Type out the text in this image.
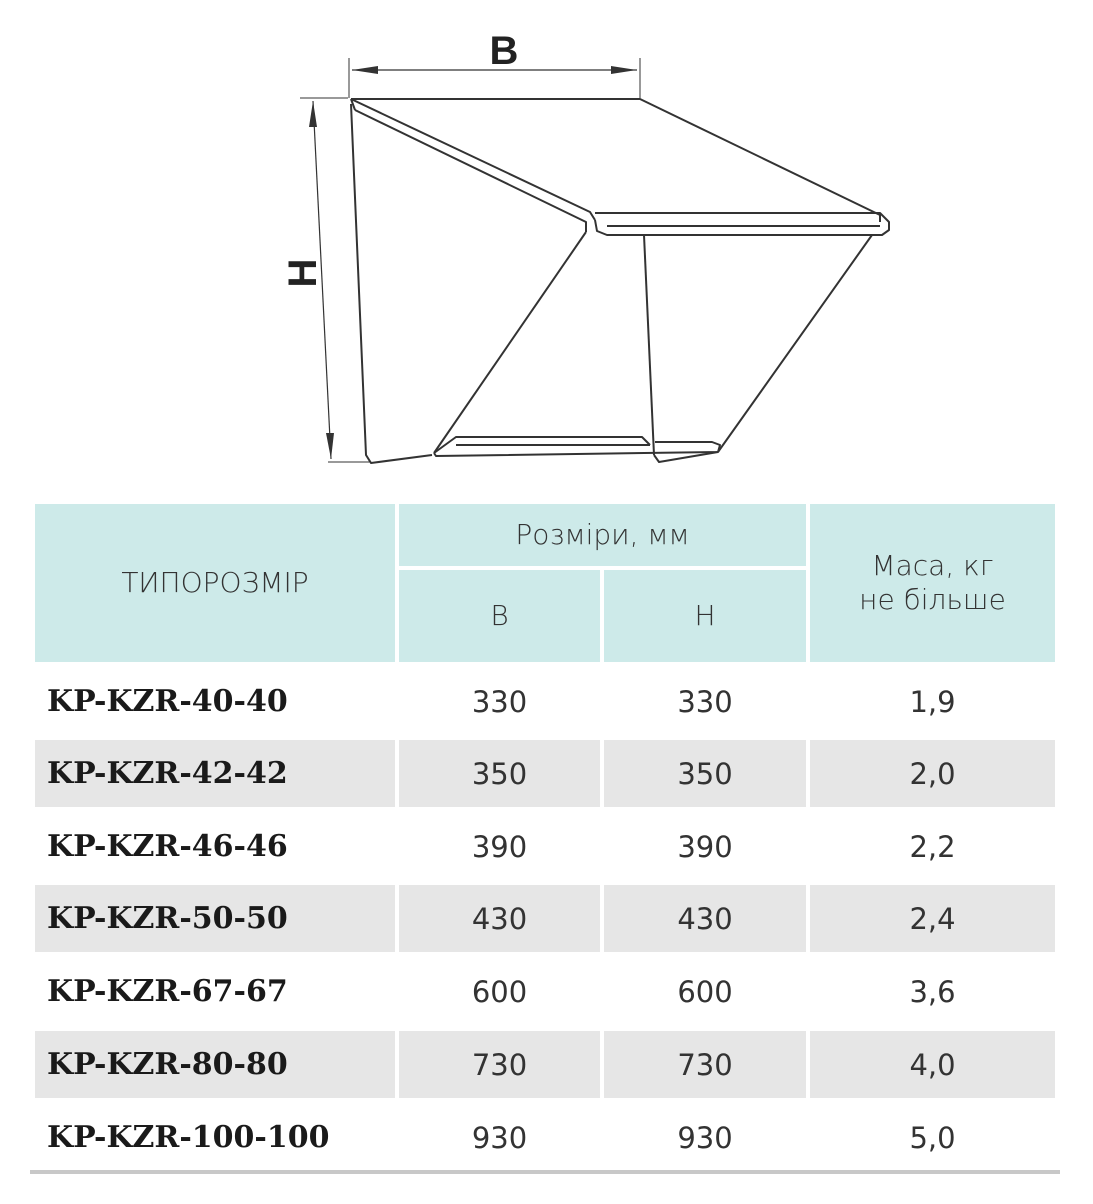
B
H
ТИПОРОЗМІР
Розміри, мм
B	H
Маса, кг
не більше
KP-KZR-40-40	330	330	1,9
KP-KZR-42-42	350	350	2,0
KP-KZR-46-46	390	390	2,2
KP-KZR-50-50	430	430	2,4
KP-KZR-67-67	600	600	3,6
KP-KZR-80-80	730	730	4,0
KP-KZR-100-100	930	930	5,0
